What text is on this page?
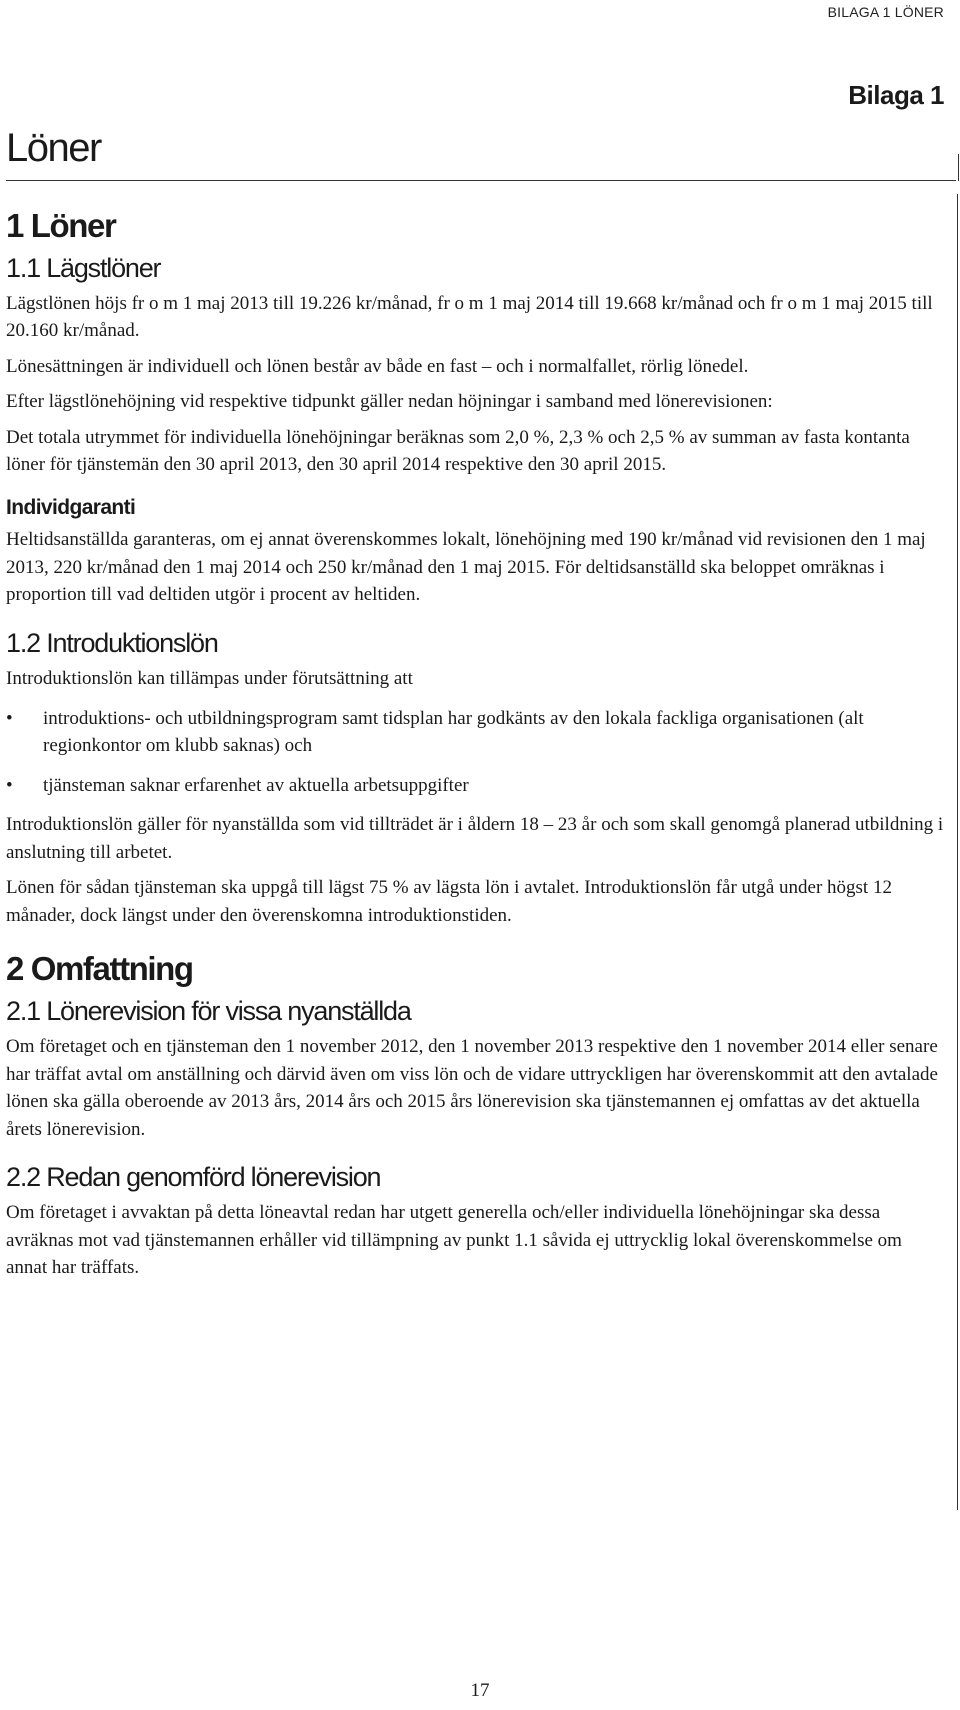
BILAGA 1 LÖNER
Bilaga 1
Löner
1 Löner
1.1 Lägstlöner

Lägstlönen höjs fr o m 1 maj 2013 till 19.226 kr/månad, fr o m 1 maj 2014 till 19.668 kr/månad och fr o m 1 maj 2015 till 20.160 kr/månad.

Lönesättningen är individuell och lönen består av både en fast – och i normalfallet, rörlig lönedel.

Efter lägstlönehöjning vid respektive tidpunkt gäller nedan höjningar i samband med lönerevisionen:

Det totala utrymmet för individuella lönehöjningar beräknas som 2,0 %, 2,3 % och 2,5 % av summan av fasta kontanta löner för tjänstemän den 30 april 2013, den 30 april 2014 respektive den 30 april 2015.

Individgaranti

Heltidsanställda garanteras, om ej annat överenskommes lokalt, lönehöjning med 190 kr/månad vid revisionen den 1 maj 2013, 220 kr/månad den 1 maj 2014 och 250 kr/månad den 1 maj 2015. För deltidsanställd ska beloppet omräknas i proportion till vad deltiden utgör i procent av heltiden.

1.2 Introduktionslön

Introduktionslön kan tillämpas under förutsättning att

• introduktions- och utbildningsprogram samt tidsplan har godkänts av den lokala fackliga organisationen (alt regionkontor om klubb saknas) och
• tjänsteman saknar erfarenhet av aktuella arbetsuppgifter

Introduktionslön gäller för nyanställda som vid tillträdet är i åldern 18 – 23 år och som skall genomgå planerad utbildning i anslutning till arbetet.

Lönen för sådan tjänsteman ska uppgå till lägst 75 % av lägsta lön i avtalet. Introduktionslön får utgå under högst 12 månader, dock längst under den överenskomna introduktionstiden.

2 Omfattning
2.1 Lönerevision för vissa nyanställda

Om företaget och en tjänsteman den 1 november 2012, den 1 november 2013 respektive den 1 november 2014 eller senare har träffat avtal om anställning och därvid även om viss lön och de vidare uttryckligen har överenskommit att den avtalade lönen ska gälla oberoende av 2013 års, 2014 års och 2015 års lönerevision ska tjänstemannen ej omfattas av det aktuella årets lönerevision.

2.2 Redan genomförd lönerevision

Om företaget i avvaktan på detta löneavtal redan har utgett generella och/eller individuella lönehöjningar ska dessa avräknas mot vad tjänstemannen erhåller vid tillämpning av punkt 1.1 såvida ej uttrycklig lokal överenskommelse om annat har träffats.

17
